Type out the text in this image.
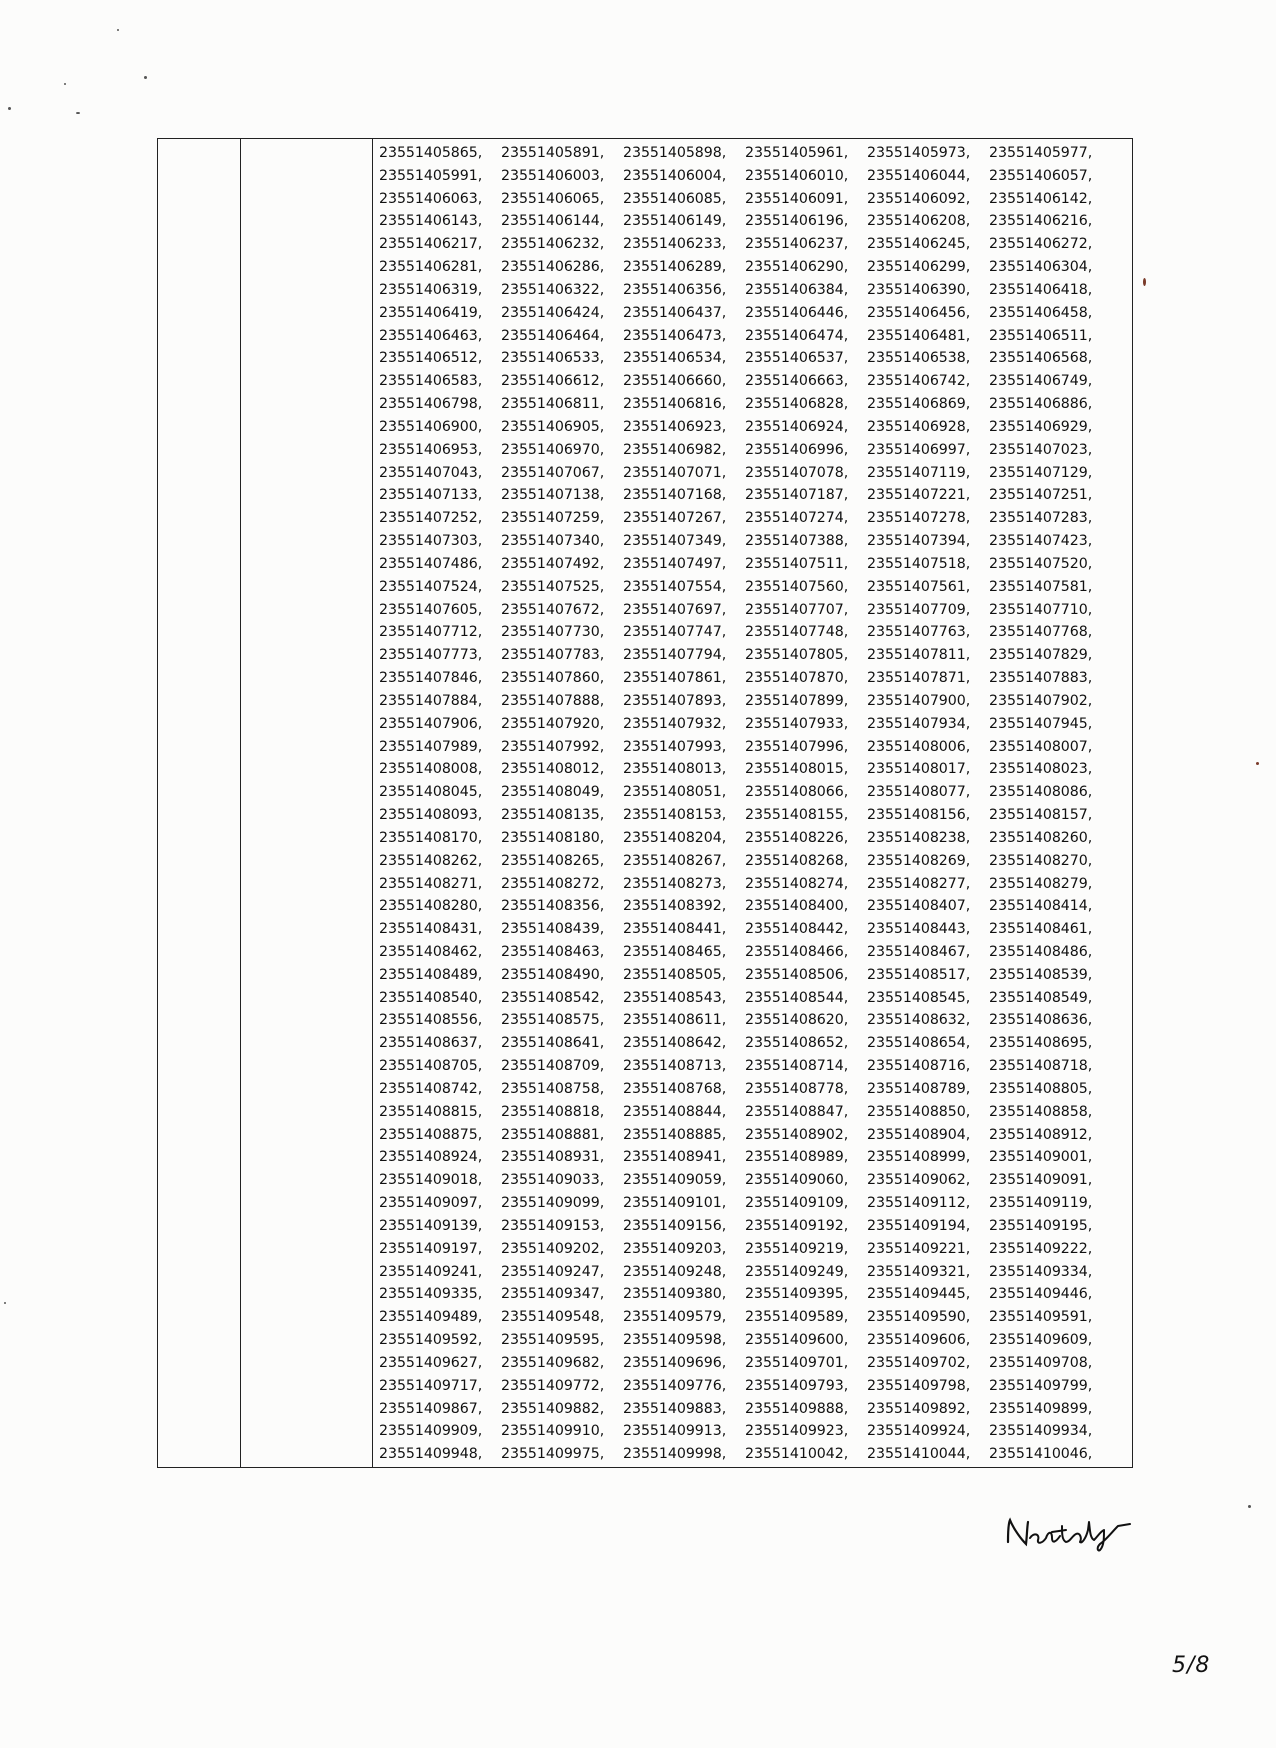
23551405865,	23551405891,	23551405898,	23551405961,	23551405973,	23551405977,
23551405991,	23551406003,	23551406004,	23551406010,	23551406044,	23551406057,
23551406063,	23551406065,	23551406085,	23551406091,	23551406092,	23551406142,
23551406143,	23551406144,	23551406149,	23551406196,	23551406208,	23551406216,
23551406217,	23551406232,	23551406233,	23551406237,	23551406245,	23551406272,
23551406281,	23551406286,	23551406289,	23551406290,	23551406299,	23551406304,
23551406319,	23551406322,	23551406356,	23551406384,	23551406390,	23551406418,
23551406419,	23551406424,	23551406437,	23551406446,	23551406456,	23551406458,
23551406463,	23551406464,	23551406473,	23551406474,	23551406481,	23551406511,
23551406512,	23551406533,	23551406534,	23551406537,	23551406538,	23551406568,
23551406583,	23551406612,	23551406660,	23551406663,	23551406742,	23551406749,
23551406798,	23551406811,	23551406816,	23551406828,	23551406869,	23551406886,
23551406900,	23551406905,	23551406923,	23551406924,	23551406928,	23551406929,
23551406953,	23551406970,	23551406982,	23551406996,	23551406997,	23551407023,
23551407043,	23551407067,	23551407071,	23551407078,	23551407119,	23551407129,
23551407133,	23551407138,	23551407168,	23551407187,	23551407221,	23551407251,
23551407252,	23551407259,	23551407267,	23551407274,	23551407278,	23551407283,
23551407303,	23551407340,	23551407349,	23551407388,	23551407394,	23551407423,
23551407486,	23551407492,	23551407497,	23551407511,	23551407518,	23551407520,
23551407524,	23551407525,	23551407554,	23551407560,	23551407561,	23551407581,
23551407605,	23551407672,	23551407697,	23551407707,	23551407709,	23551407710,
23551407712,	23551407730,	23551407747,	23551407748,	23551407763,	23551407768,
23551407773,	23551407783,	23551407794,	23551407805,	23551407811,	23551407829,
23551407846,	23551407860,	23551407861,	23551407870,	23551407871,	23551407883,
23551407884,	23551407888,	23551407893,	23551407899,	23551407900,	23551407902,
23551407906,	23551407920,	23551407932,	23551407933,	23551407934,	23551407945,
23551407989,	23551407992,	23551407993,	23551407996,	23551408006,	23551408007,
23551408008,	23551408012,	23551408013,	23551408015,	23551408017,	23551408023,
23551408045,	23551408049,	23551408051,	23551408066,	23551408077,	23551408086,
23551408093,	23551408135,	23551408153,	23551408155,	23551408156,	23551408157,
23551408170,	23551408180,	23551408204,	23551408226,	23551408238,	23551408260,
23551408262,	23551408265,	23551408267,	23551408268,	23551408269,	23551408270,
23551408271,	23551408272,	23551408273,	23551408274,	23551408277,	23551408279,
23551408280,	23551408356,	23551408392,	23551408400,	23551408407,	23551408414,
23551408431,	23551408439,	23551408441,	23551408442,	23551408443,	23551408461,
23551408462,	23551408463,	23551408465,	23551408466,	23551408467,	23551408486,
23551408489,	23551408490,	23551408505,	23551408506,	23551408517,	23551408539,
23551408540,	23551408542,	23551408543,	23551408544,	23551408545,	23551408549,
23551408556,	23551408575,	23551408611,	23551408620,	23551408632,	23551408636,
23551408637,	23551408641,	23551408642,	23551408652,	23551408654,	23551408695,
23551408705,	23551408709,	23551408713,	23551408714,	23551408716,	23551408718,
23551408742,	23551408758,	23551408768,	23551408778,	23551408789,	23551408805,
23551408815,	23551408818,	23551408844,	23551408847,	23551408850,	23551408858,
23551408875,	23551408881,	23551408885,	23551408902,	23551408904,	23551408912,
23551408924,	23551408931,	23551408941,	23551408989,	23551408999,	23551409001,
23551409018,	23551409033,	23551409059,	23551409060,	23551409062,	23551409091,
23551409097,	23551409099,	23551409101,	23551409109,	23551409112,	23551409119,
23551409139,	23551409153,	23551409156,	23551409192,	23551409194,	23551409195,
23551409197,	23551409202,	23551409203,	23551409219,	23551409221,	23551409222,
23551409241,	23551409247,	23551409248,	23551409249,	23551409321,	23551409334,
23551409335,	23551409347,	23551409380,	23551409395,	23551409445,	23551409446,
23551409489,	23551409548,	23551409579,	23551409589,	23551409590,	23551409591,
23551409592,	23551409595,	23551409598,	23551409600,	23551409606,	23551409609,
23551409627,	23551409682,	23551409696,	23551409701,	23551409702,	23551409708,
23551409717,	23551409772,	23551409776,	23551409793,	23551409798,	23551409799,
23551409867,	23551409882,	23551409883,	23551409888,	23551409892,	23551409899,
23551409909,	23551409910,	23551409913,	23551409923,	23551409924,	23551409934,
23551409948,	23551409975,	23551409998,	23551410042,	23551410044,	23551410046,
5/8
